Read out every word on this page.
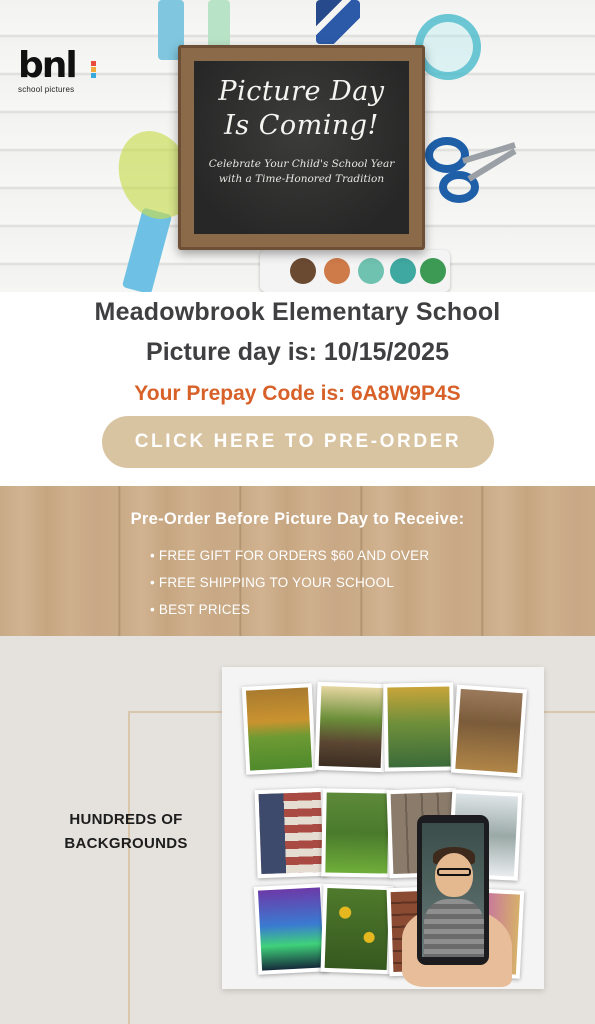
bnl
school pictures	Picture Day
Is Coming!
Celebrate Your Child's School Year
with a Time-Honored Tradition
Meadowbrook Elementary School
Picture day is: 10/15/2025
Your Prepay Code is: 6A8W9P4S
CLICK HERE TO PRE-ORDER
Pre-Order Before Picture Day to Receive:
• FREE GIFT FOR ORDERS $60 AND OVER
• FREE SHIPPING TO YOUR SCHOOL
• BEST PRICES
HUNDREDS OF
BACKGROUNDS
